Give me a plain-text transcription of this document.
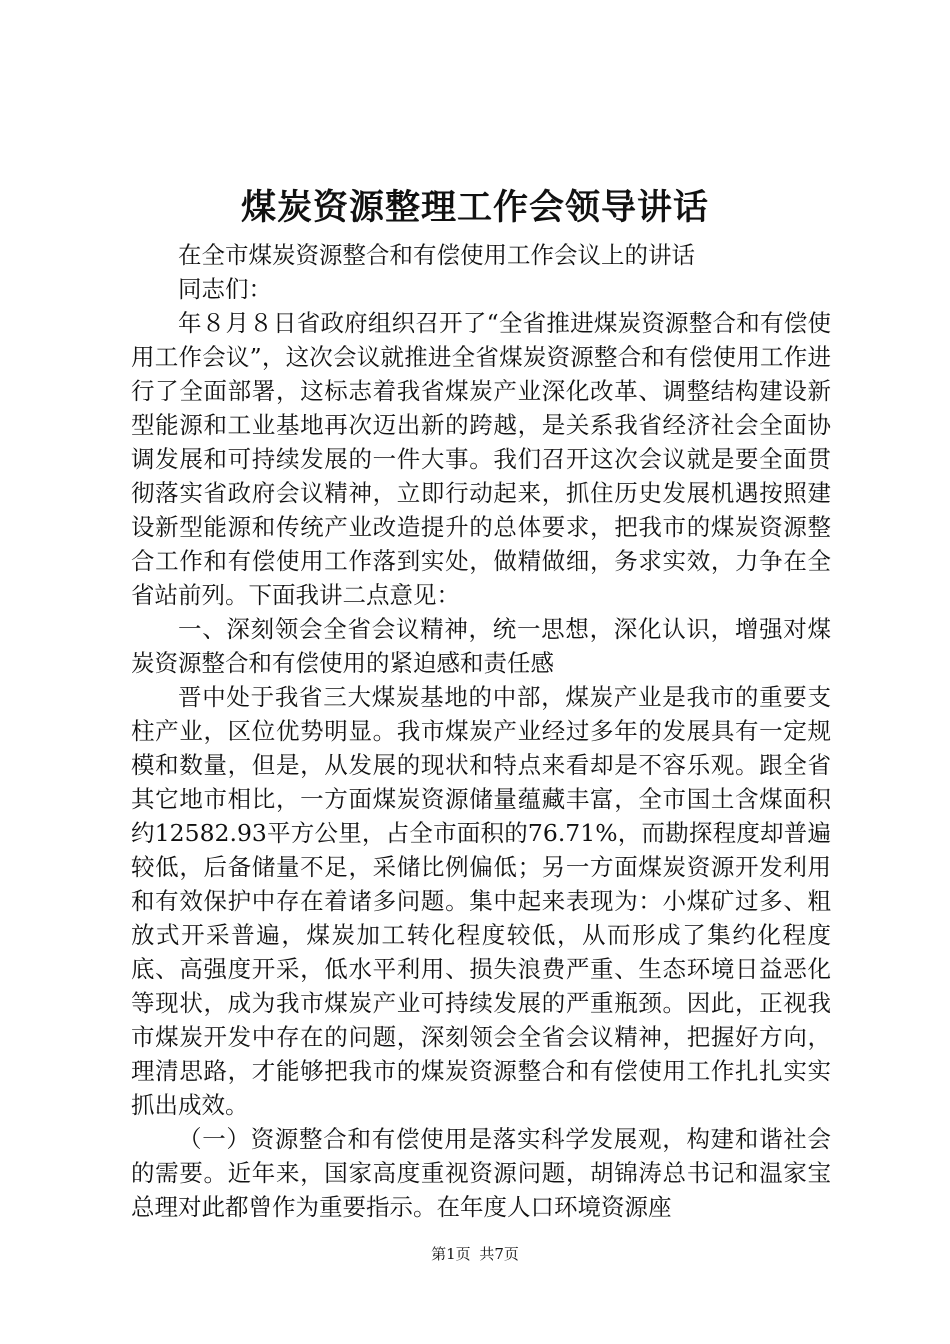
煤炭资源整理工作会领导讲话

在全市煤炭资源整合和有偿使用工作会议上的讲话

同志们：

年８月８日省政府组织召开了“全省推进煤炭资源整合和有偿使用工作会议”，这次会议就推进全省煤炭资源整合和有偿使用工作进行了全面部署，这标志着我省煤炭产业深化改革、调整结构建设新型能源和工业基地再次迈出新的跨越，是关系我省经济社会全面协调发展和可持续发展的一件大事。我们召开这次会议就是要全面贯彻落实省政府会议精神，立即行动起来，抓住历史发展机遇按照建设新型能源和传统产业改造提升的总体要求，把我市的煤炭资源整合工作和有偿使用工作落到实处，做精做细，务求实效，力争在全省站前列。下面我讲二点意见：

一、深刻领会全省会议精神，统一思想，深化认识，增强对煤炭资源整合和有偿使用的紧迫感和责任感

晋中处于我省三大煤炭基地的中部，煤炭产业是我市的重要支柱产业，区位优势明显。我市煤炭产业经过多年的发展具有一定规模和数量，但是，从发展的现状和特点来看却是不容乐观。跟全省其它地市相比，一方面煤炭资源储量蕴藏丰富，全市国土含煤面积约12582.93平方公里，占全市面积的76.71%，而勘探程度却普遍较低，后备储量不足，采储比例偏低；另一方面煤炭资源开发利用和有效保护中存在着诸多问题。集中起来表现为：小煤矿过多、粗放式开采普遍，煤炭加工转化程度较低，从而形成了集约化程度底、高强度开采，低水平利用、损失浪费严重、生态环境日益恶化等现状，成为我市煤炭产业可持续发展的严重瓶颈。因此，正视我市煤炭开发中存在的问题，深刻领会全省会议精神，把握好方向，理清思路，才能够把我市的煤炭资源整合和有偿使用工作扎扎实实抓出成效。

（一）资源整合和有偿使用是落实科学发展观，构建和谐社会的需要。近年来，国家高度重视资源问题，胡锦涛总书记和温家宝总理对此都曾作为重要指示。在年度人口环境资源座

第1页 共7页
